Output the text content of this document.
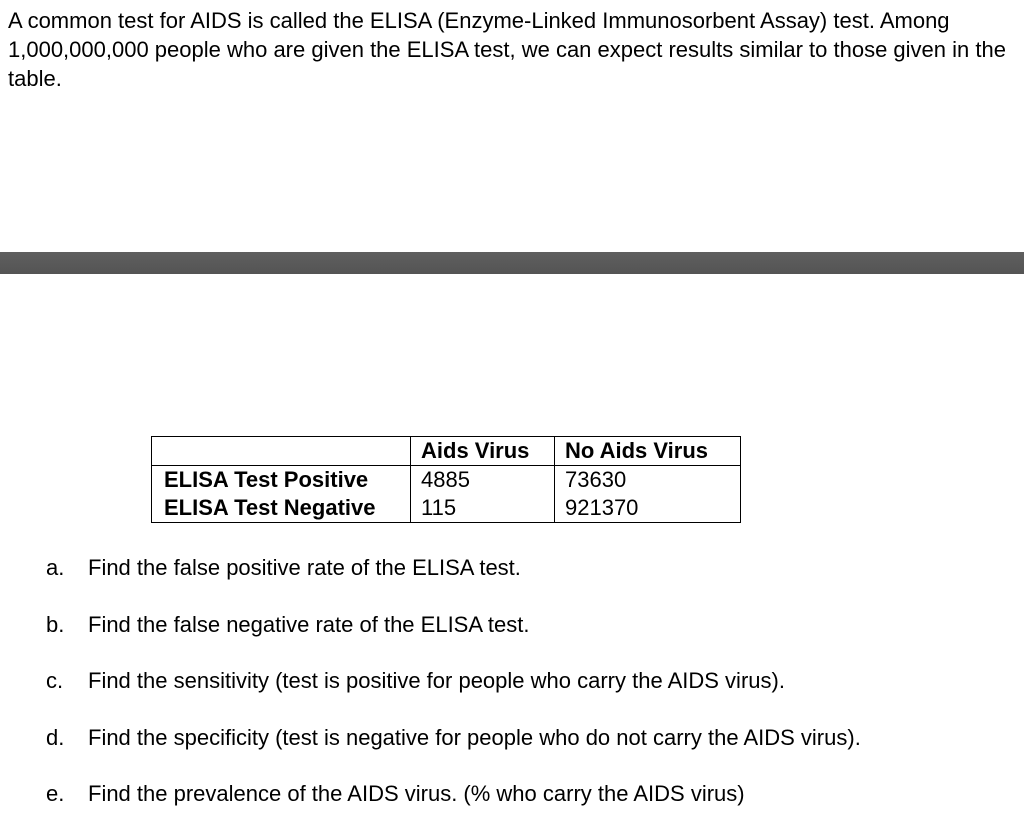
A common test for AIDS is called the ELISA (Enzyme-Linked Immunosorbent Assay) test. Among 1,000,000,000 people who are given the ELISA test, we can expect results similar to those given in the table.

	Aids Virus	No Aids Virus
ELISA Test Positive	4885	73630
ELISA Test Negative	115	921370
a. Find the false positive rate of the ELISA test.
b. Find the false negative rate of the ELISA test.
c. Find the sensitivity (test is positive for people who carry the AIDS virus).
d. Find the specificity (test is negative for people who do not carry the AIDS virus).
e. Find the prevalence of the AIDS virus. (% who carry the AIDS virus)
